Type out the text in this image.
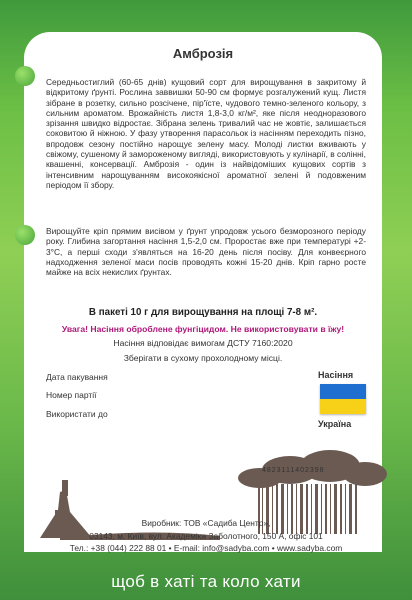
Амброзія
Середньостиглий (60-65 днів) кущовий сорт для вирощування в закритому й відкритому ґрунті. Рослина заввишки 50-90 см формує розгалужений кущ. Листя зібране в розетку, сильно розсічене, пір'їсте, чудового темно-зеленого кольору, з сильним ароматом. Врожайність листя 1,8-3,0 кг/м², яке після неодноразового зрізання швидко відростає. Зібрана зелень тривалий час не жовтіє, залишається соковитою й ніжною. У фазу утворення парасольок із насінням переходить пізно, впродовж сезону постійно нарощує зелену масу. Молоді листки вживають у свіжому, сушеному й замороженому вигляді, використовують у кулінарії, в солінні, квашенні, консервації. Амброзія - один із найвідоміших кущових сортів з інтенсивним нарощуванням високоякісної ароматної зелені й подовженим періодом її збору.
Вирощуйте кріп прямим висівом у ґрунт упродовж усього безморозного періоду року. Глибина загортання насіння 1,5-2,0 см. Проростає вже при температурі +2-3°С, а перші сходи з'являться на 16-20 день після посіву. Для конвеєрного надходження зеленої маси посів проводять кожні 15-20 днів. Кріп гарно росте майже на всіх некислих ґрунтах.
В пакеті 10 г для вирощування на площі 7-8 м².
Увага! Насіння оброблене фунгіцидом. Не використовувати в їжу!
Насіння відповідає вимогам ДСТУ 7160:2020
Зберігати в сухому прохолодному місці.
Дата пакування
Номер партії
Використати до
Насіння
Україна
4823111402398
Виробник: ТОВ «Садиба Центр»,
03143, м. Київ, вул. Академіка Заболотного, 150 А, офіс 101
Тел.: +38 (044) 222 88 01 • E-mail: info@sadyba.com • www.sadyba.com
щоб в хаті та коло хати
